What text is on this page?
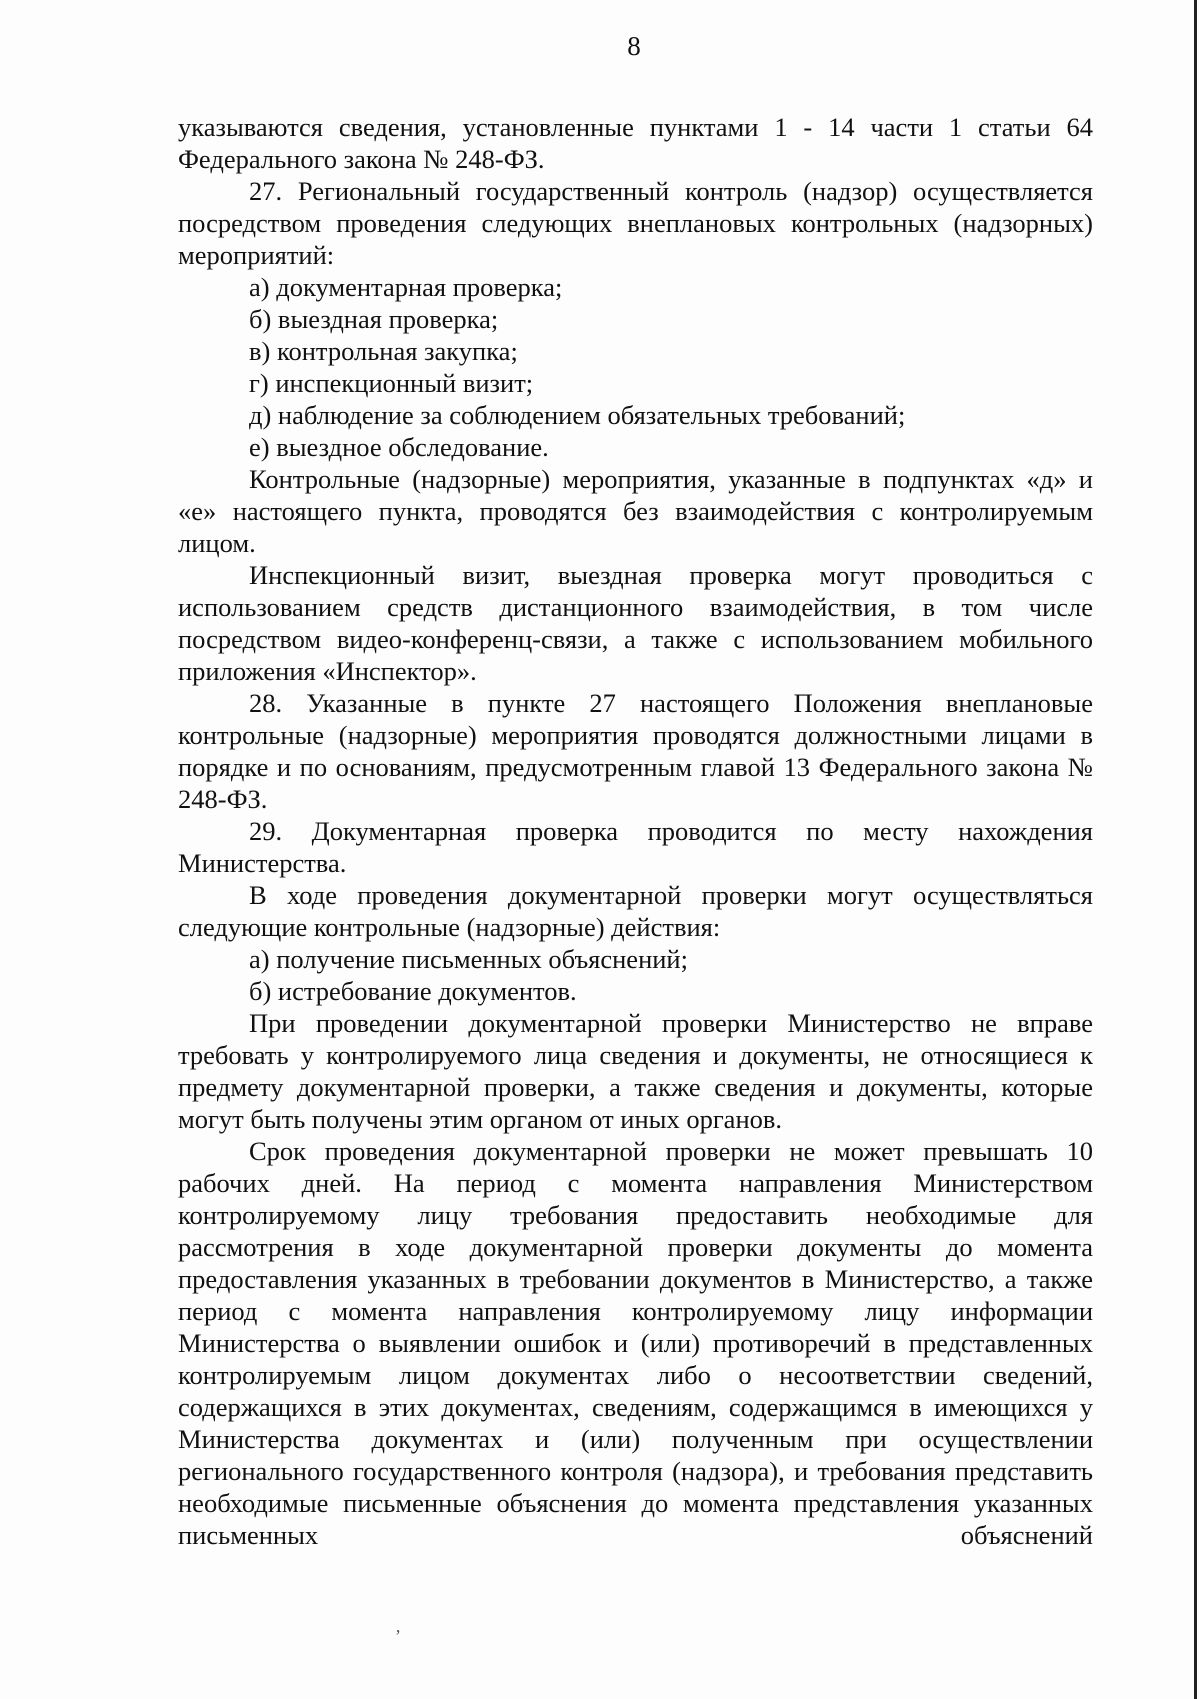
8

указываются сведения, установленные пунктами 1 - 14 части 1 статьи 64 Федерального закона № 248-ФЗ.

27. Региональный государственный контроль (надзор) осуществляется посредством проведения следующих внеплановых контрольных (надзорных) мероприятий:

а) документарная проверка;

б) выездная проверка;

в) контрольная закупка;

г) инспекционный визит;

д) наблюдение за соблюдением обязательных требований;

е) выездное обследование.

Контрольные (надзорные) мероприятия, указанные в подпунктах «д» и «е» настоящего пункта, проводятся без взаимодействия с контролируемым лицом.

Инспекционный визит, выездная проверка могут проводиться с использованием средств дистанционного взаимодействия, в том числе посредством видео-конференц-связи, а также с использованием мобильного приложения «Инспектор».

28. Указанные в пункте 27 настоящего Положения внеплановые контрольные (надзорные) мероприятия проводятся должностными лицами в порядке и по основаниям, предусмотренным главой 13 Федерального закона № 248-ФЗ.

29. Документарная проверка проводится по месту нахождения Министерства.

В ходе проведения документарной проверки могут осуществляться следующие контрольные (надзорные) действия:

а) получение письменных объяснений;

б) истребование документов.

При проведении документарной проверки Министерство не вправе требовать у контролируемого лица сведения и документы, не относящиеся к предмету документарной проверки, а также сведения и документы, которые могут быть получены этим органом от иных органов.

Срок проведения документарной проверки не может превышать 10 рабочих дней. На период с момента направления Министерством контролируемому лицу требования предоставить необходимые для рассмотрения в ходе документарной проверки документы до момента предоставления указанных в требовании документов в Министерство, а также период с момента направления контролируемому лицу информации Министерства о выявлении ошибок и (или) противоречий в представленных контролируемым лицом документах либо о несоответствии сведений, содержащихся в этих документах, сведениям, содержащимся в имеющихся у Министерства документах и (или) полученным при осуществлении регионального государственного контроля (надзора), и требования представить необходимые письменные объяснения до момента представления указанных письменных объяснений

’
